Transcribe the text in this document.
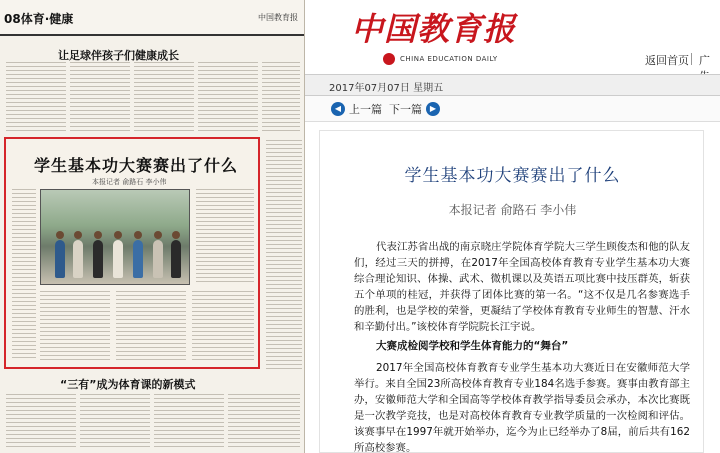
08体育·健康	中国教育报
让足球伴孩子们健康成长
学生基本功大赛赛出了什么
本报记者 俞路石 李小伟
“三有”成为体育课的新模式
中国教育报
CHINA EDUCATION DAILY	返回首页 广
2017年07月07日 星期五
◀ 上一篇 下一篇 ▶
学生基本功大赛赛出了什么
本报记者 俞路石 李小伟

代表江苏省出战的南京晓庄学院体育学院大三学生顾俊杰和他的队友们，经过三天的拼搏，在2017年全国高校体育教育专业学生基本功大赛综合理论知识、体操、武术、微机课以及英语五项比赛中技压群英，斩获五个单项的桂冠，并获得了团体比赛的第一名。“这不仅是几名参赛选手的胜利，也是学校的荣誉，更凝结了学校体育教育专业师生的智慧、汗水和辛勤付出。”该校体育学院院长江宇说。

大赛成检阅学校和学生体育能力的“舞台”

2017年全国高校体育教育专业学生基本功大赛近日在安徽师范大学举行。来自全国23所高校体育教育专业184名选手参赛。赛事由教育部主办，安徽师范大学和全国高等学校体育教学指导委员会承办，本次比赛既是一次教学竞技，也是对高校体育教育专业教学质量的一次检阅和评估。该赛事早在1997年就开始举办，迄今为止已经举办了8届，前后共有162所高校参赛。
